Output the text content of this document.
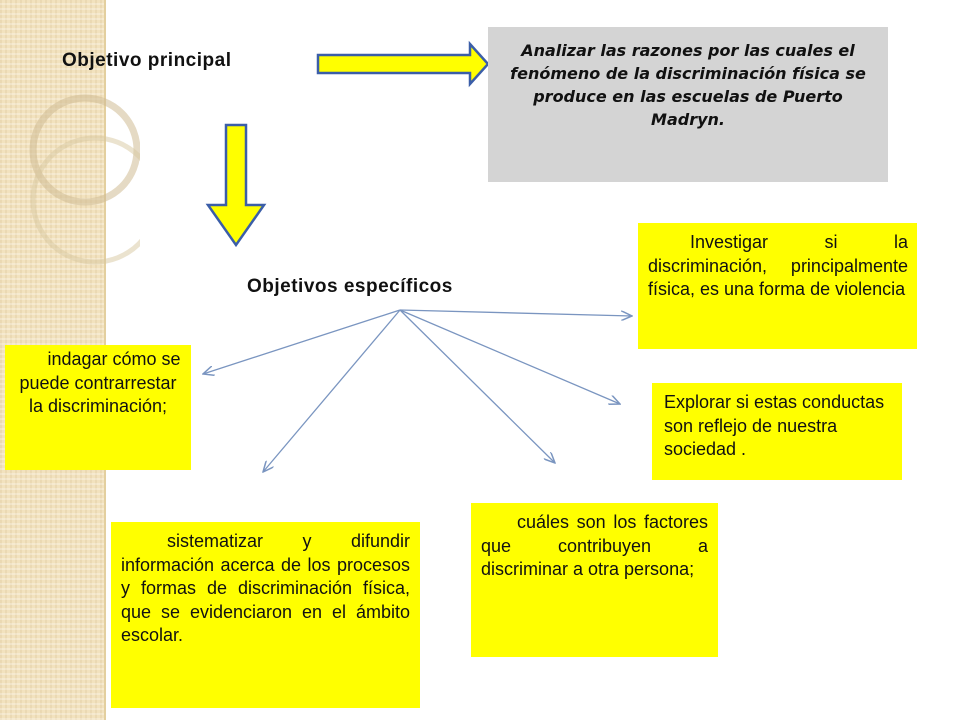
Objetivo principal	Analizar las razones por las cuales el fenómeno de la discriminación física se produce en las escuelas de Puerto Madryn.

Objetivos específicos

Investigar si la discriminación, principalmente física, es una forma de violencia

Explorar si estas conductas son reflejo de nuestra sociedad .

cuáles son los factores que contribuyen a discriminar a otra persona;

sistematizar y difundir información acerca de los procesos y formas de discriminación física, que se evidenciaron en el ámbito escolar.

indagar cómo se puede contrarrestar la discriminación;
